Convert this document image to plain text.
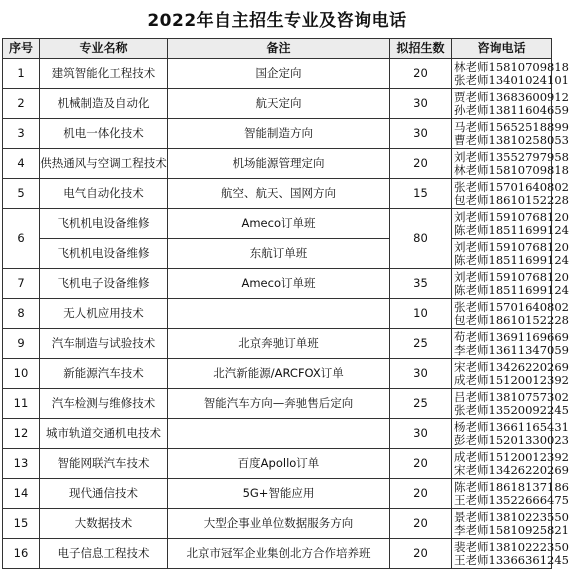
2022年自主招生专业及咨询电话
序号	专业名称	备注	拟招生数	咨询电话
1	建筑智能化工程技术	国企定向	20	林老师15810709818
张老师13401024101

2	机械制造及自动化	航天定向	30	贾老师13683600912
孙老师13811604659

3	机电一体化技术	智能制造方向	30	马老师15652518899
曹老师13810258053

4	供热通风与空调工程技术	机场能源管理定向	20	刘老师13552797958
林老师15810709818

5	电气自动化技术	航空、航天、国网方向	15	张老师15701640802
包老师18610152228

6	飞机机电设备维修	Ameco订单班	80	刘老师15910768120
陈老师18511699124

	飞机机电设备维修	东航订单班		刘老师15910768120
陈老师18511699124

7	飞机电子设备维修	Ameco订单班	35	刘老师15910768120
陈老师18511699124

8	无人机应用技术		10	张老师15701640802
包老师18610152228

9	汽车制造与试验技术	北京奔驰订单班	25	苟老师13691169669
李老师13611347059

10	新能源汽车技术	北汽新能源/ARCFOX订单	30	宋老师13426220269
成老师15120012392

11	汽车检测与维修技术	智能汽车方向—奔驰售后定向	25	吕老师13810757302
张老师13520092245

12	城市轨道交通机电技术		30	杨老师13661165431
彭老师15201330023

13	智能网联汽车技术	百度Apollo订单	20	成老师15120012392
宋老师13426220269

14	现代通信技术	5G+智能应用	20	陈老师18618137186
王老师13522666475

15	大数据技术	大型企事业单位数据服务方向	20	景老师13810223550
李老师15810925821

16	电子信息工程技术	北京市冠军企业集创北方合作培养班	20	裴老师13810222350
王老师13366361245
